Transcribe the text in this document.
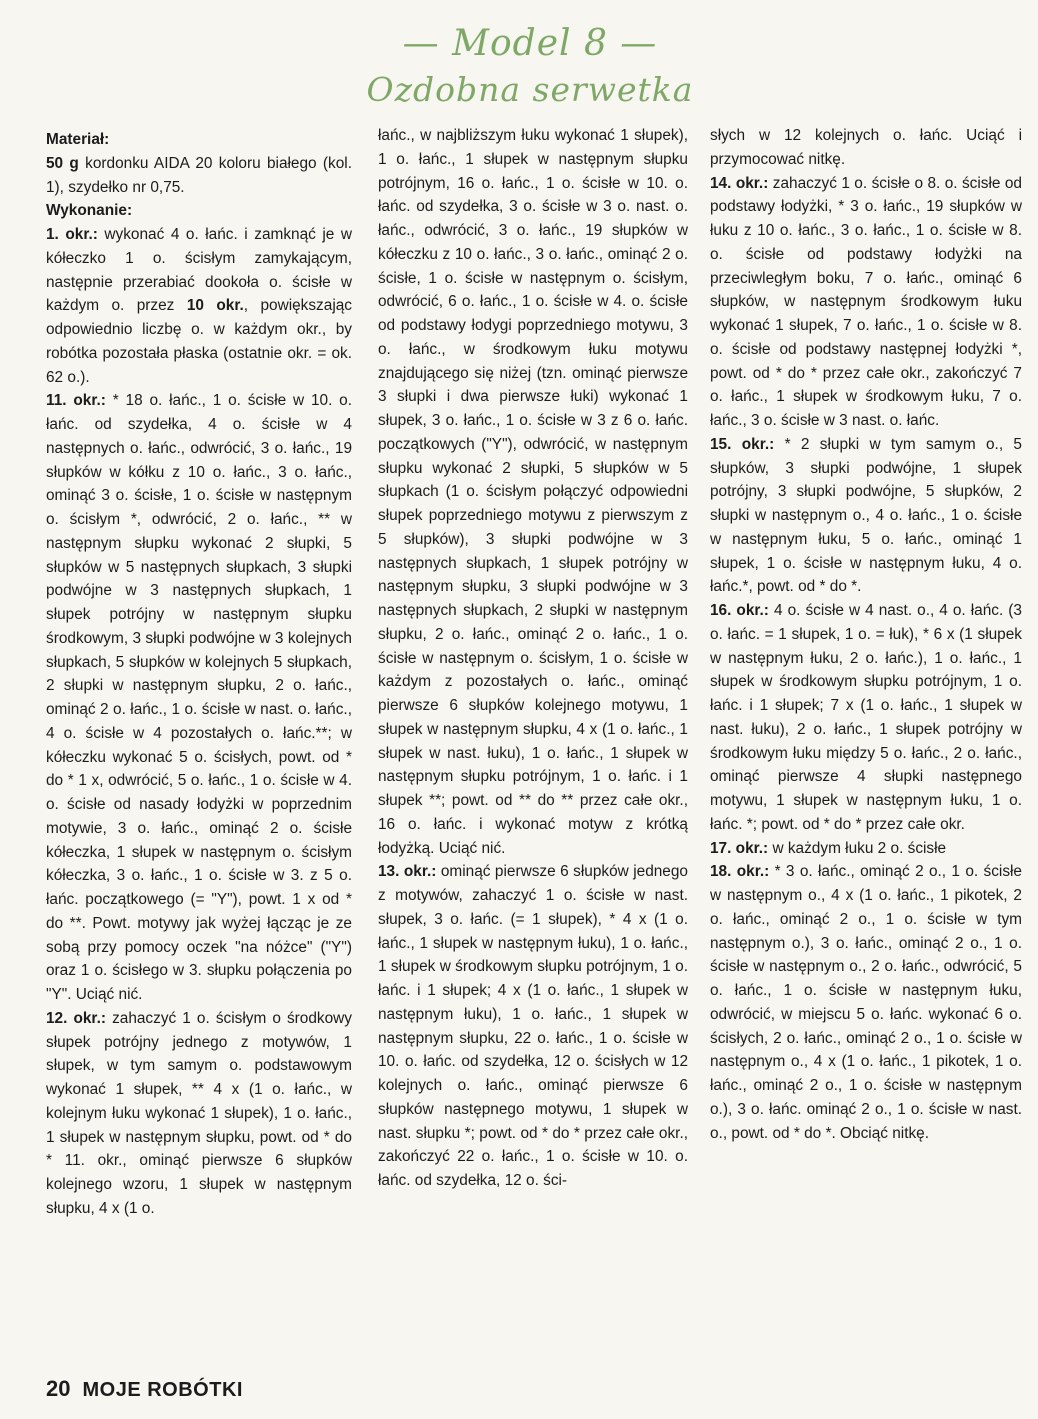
— Model 8 —
Ozdobna serwetka

Materiał:

50 g kordonku AIDA 20 koloru białego (kol. 1), szydełko nr 0,75.

Wykonanie:

1. okr.: wykonać 4 o. łańc. i zamknąć je w kółeczko 1 o. ścisłym zamykającym, następnie przerabiać dookoła o. ścisłe w każdym o. przez 10 okr., powiększając odpowiednio liczbę o. w każdym okr., by robótka pozostała płaska (ostatnie okr. = ok. 62 o.).

11. okr.: * 18 o. łańc., 1 o. ścisłe w 10. o. łańc. od szydełka, 4 o. ścisłe w 4 następnych o. łańc., odwrócić, 3 o. łańc., 19 słupków w kółku z 10 o. łańc., 3 o. łańc., ominąć 3 o. ścisłe, 1 o. ścisłe w następnym o. ścisłym *, odwrócić, 2 o. łańc., ** w następnym słupku wykonać 2 słupki, 5 słupków w 5 następnych słupkach, 3 słupki podwójne w 3 następnych słupkach, 1 słupek potrójny w następnym słupku środkowym, 3 słupki podwójne w 3 kolejnych słupkach, 5 słupków w kolejnych 5 słupkach, 2 słupki w następnym słupku, 2 o. łańc., ominąć 2 o. łańc., 1 o. ścisłe w nast. o. łańc., 4 o. ścisłe w 4 pozostałych o. łańc.**; w kółeczku wykonać 5 o. ścisłych, powt. od * do * 1 x, odwrócić, 5 o. łańc., 1 o. ścisłe w 4. o. ścisłe od nasady łodyżki w poprzednim motywie, 3 o. łańc., ominąć 2 o. ścisłe kółeczka, 1 słupek w następnym o. ścisłym kółeczka, 3 o. łańc., 1 o. ścisłe w 3. z 5 o. łańc. początkowego (= "Y"), powt. 1 x od * do **. Powt. motywy jak wyżej łącząc je ze sobą przy pomocy oczek "na nóżce" ("Y") oraz 1 o. ścisłego w 3. słupku połączenia po "Y". Uciąć nić.

12. okr.: zahaczyć 1 o. ścisłym o środkowy słupek potrójny jednego z motywów, 1 słupek, w tym samym o. podstawowym wykonać 1 słupek, ** 4 x (1 o. łańc., w kolejnym łuku wykonać 1 słupek), 1 o. łańc., 1 słupek w następnym słupku, powt. od * do * 11. okr., ominąć pierwsze 6 słupków kolejnego wzoru, 1 słupek w następnym słupku, 4 x (1 o.

łańc., w najbliższym łuku wykonać 1 słupek), 1 o. łańc., 1 słupek w następnym słupku potrójnym, 16 o. łańc., 1 o. ścisłe w 10. o. łańc. od szydełka, 3 o. ścisłe w 3 o. nast. o. łańc., odwrócić, 3 o. łańc., 19 słupków w kółeczku z 10 o. łańc., 3 o. łańc., ominąć 2 o. ścisłe, 1 o. ścisłe w następnym o. ścisłym, odwrócić, 6 o. łańc., 1 o. ścisłe w 4. o. ścisłe od podstawy łodygi poprzedniego motywu, 3 o. łańc., w środkowym łuku motywu znajdującego się niżej (tzn. ominąć pierwsze 3 słupki i dwa pierwsze łuki) wykonać 1 słupek, 3 o. łańc., 1 o. ścisłe w 3 z 6 o. łańc. początkowych ("Y"), odwrócić, w następnym słupku wykonać 2 słupki, 5 słupków w 5 słupkach (1 o. ścisłym połączyć odpowiedni słupek poprzedniego motywu z pierwszym z 5 słupków), 3 słupki podwójne w 3 następnych słupkach, 1 słupek potrójny w następnym słupku, 3 słupki podwójne w 3 następnych słupkach, 2 słupki w następnym słupku, 2 o. łańc., ominąć 2 o. łańc., 1 o. ścisłe w następnym o. ścisłym, 1 o. ścisłe w każdym z pozostałych o. łańc., ominąć pierwsze 6 słupków kolejnego motywu, 1 słupek w następnym słupku, 4 x (1 o. łańc., 1 słupek w nast. łuku), 1 o. łańc., 1 słupek w następnym słupku potrójnym, 1 o. łańc. i 1 słupek **; powt. od ** do ** przez całe okr., 16 o. łańc. i wykonać motyw z krótką łodyżką. Uciąć nić.

13. okr.: ominąć pierwsze 6 słupków jednego z motywów, zahaczyć 1 o. ścisłe w nast. słupek, 3 o. łańc. (= 1 słupek), * 4 x (1 o. łańc., 1 słupek w następnym łuku), 1 o. łańc., 1 słupek w środkowym słupku potrójnym, 1 o. łańc. i 1 słupek; 4 x (1 o. łańc., 1 słupek w następnym łuku), 1 o. łańc., 1 słupek w następnym słupku, 22 o. łańc., 1 o. ścisłe w 10. o. łańc. od szydełka, 12 o. ścisłych w 12 kolejnych o. łańc., ominąć pierwsze 6 słupków następnego motywu, 1 słupek w nast. słupku *; powt. od * do * przez całe okr., zakończyć 22 o. łańc., 1 o. ścisłe w 10. o. łańc. od szydełka, 12 o. ści-

słych w 12 kolejnych o. łańc. Uciąć i przymocować nitkę.

14. okr.: zahaczyć 1 o. ścisłe o 8. o. ścisłe od podstawy łodyżki, * 3 o. łańc., 19 słupków w łuku z 10 o. łańc., 3 o. łańc., 1 o. ścisłe w 8. o. ścisłe od podstawy łodyżki na przeciwległym boku, 7 o. łańc., ominąć 6 słupków, w następnym środkowym łuku wykonać 1 słupek, 7 o. łańc., 1 o. ścisłe w 8. o. ścisłe od podstawy następnej łodyżki *, powt. od * do * przez całe okr., zakończyć 7 o. łańc., 1 słupek w środkowym łuku, 7 o. łańc., 3 o. ścisłe w 3 nast. o. łańc.

15. okr.: * 2 słupki w tym samym o., 5 słupków, 3 słupki podwójne, 1 słupek potrójny, 3 słupki podwójne, 5 słupków, 2 słupki w następnym o., 4 o. łańc., 1 o. ścisłe w następnym łuku, 5 o. łańc., ominąć 1 słupek, 1 o. ścisłe w następnym łuku, 4 o. łańc.*, powt. od * do *.

16. okr.: 4 o. ścisłe w 4 nast. o., 4 o. łańc. (3 o. łańc. = 1 słupek, 1 o. = łuk), * 6 x (1 słupek w następnym łuku, 2 o. łańc.), 1 o. łańc., 1 słupek w środkowym słupku potrójnym, 1 o. łańc. i 1 słupek; 7 x (1 o. łańc., 1 słupek w nast. łuku), 2 o. łańc., 1 słupek potrójny w środkowym łuku między 5 o. łańc., 2 o. łańc., ominąć pierwsze 4 słupki następnego motywu, 1 słupek w następnym łuku, 1 o. łańc. *; powt. od * do * przez całe okr.

17. okr.: w każdym łuku 2 o. ścisłe

18. okr.: * 3 o. łańc., ominąć 2 o., 1 o. ścisłe w następnym o., 4 x (1 o. łańc., 1 pikotek, 2 o. łańc., ominąć 2 o., 1 o. ścisłe w tym następnym o.), 3 o. łańc., ominąć 2 o., 1 o. ścisłe w następnym o., 2 o. łańc., odwrócić, 5 o. łańc., 1 o. ścisłe w następnym łuku, odwrócić, w miejscu 5 o. łańc. wykonać 6 o. ścisłych, 2 o. łańc., ominąć 2 o., 1 o. ścisłe w następnym o., 4 x (1 o. łańc., 1 pikotek, 1 o. łańc., ominąć 2 o., 1 o. ścisłe w następnym o.), 3 o. łańc. ominąć 2 o., 1 o. ścisłe w nast. o., powt. od * do *. Obciąć nitkę.

20 MOJE ROBÓTKI
